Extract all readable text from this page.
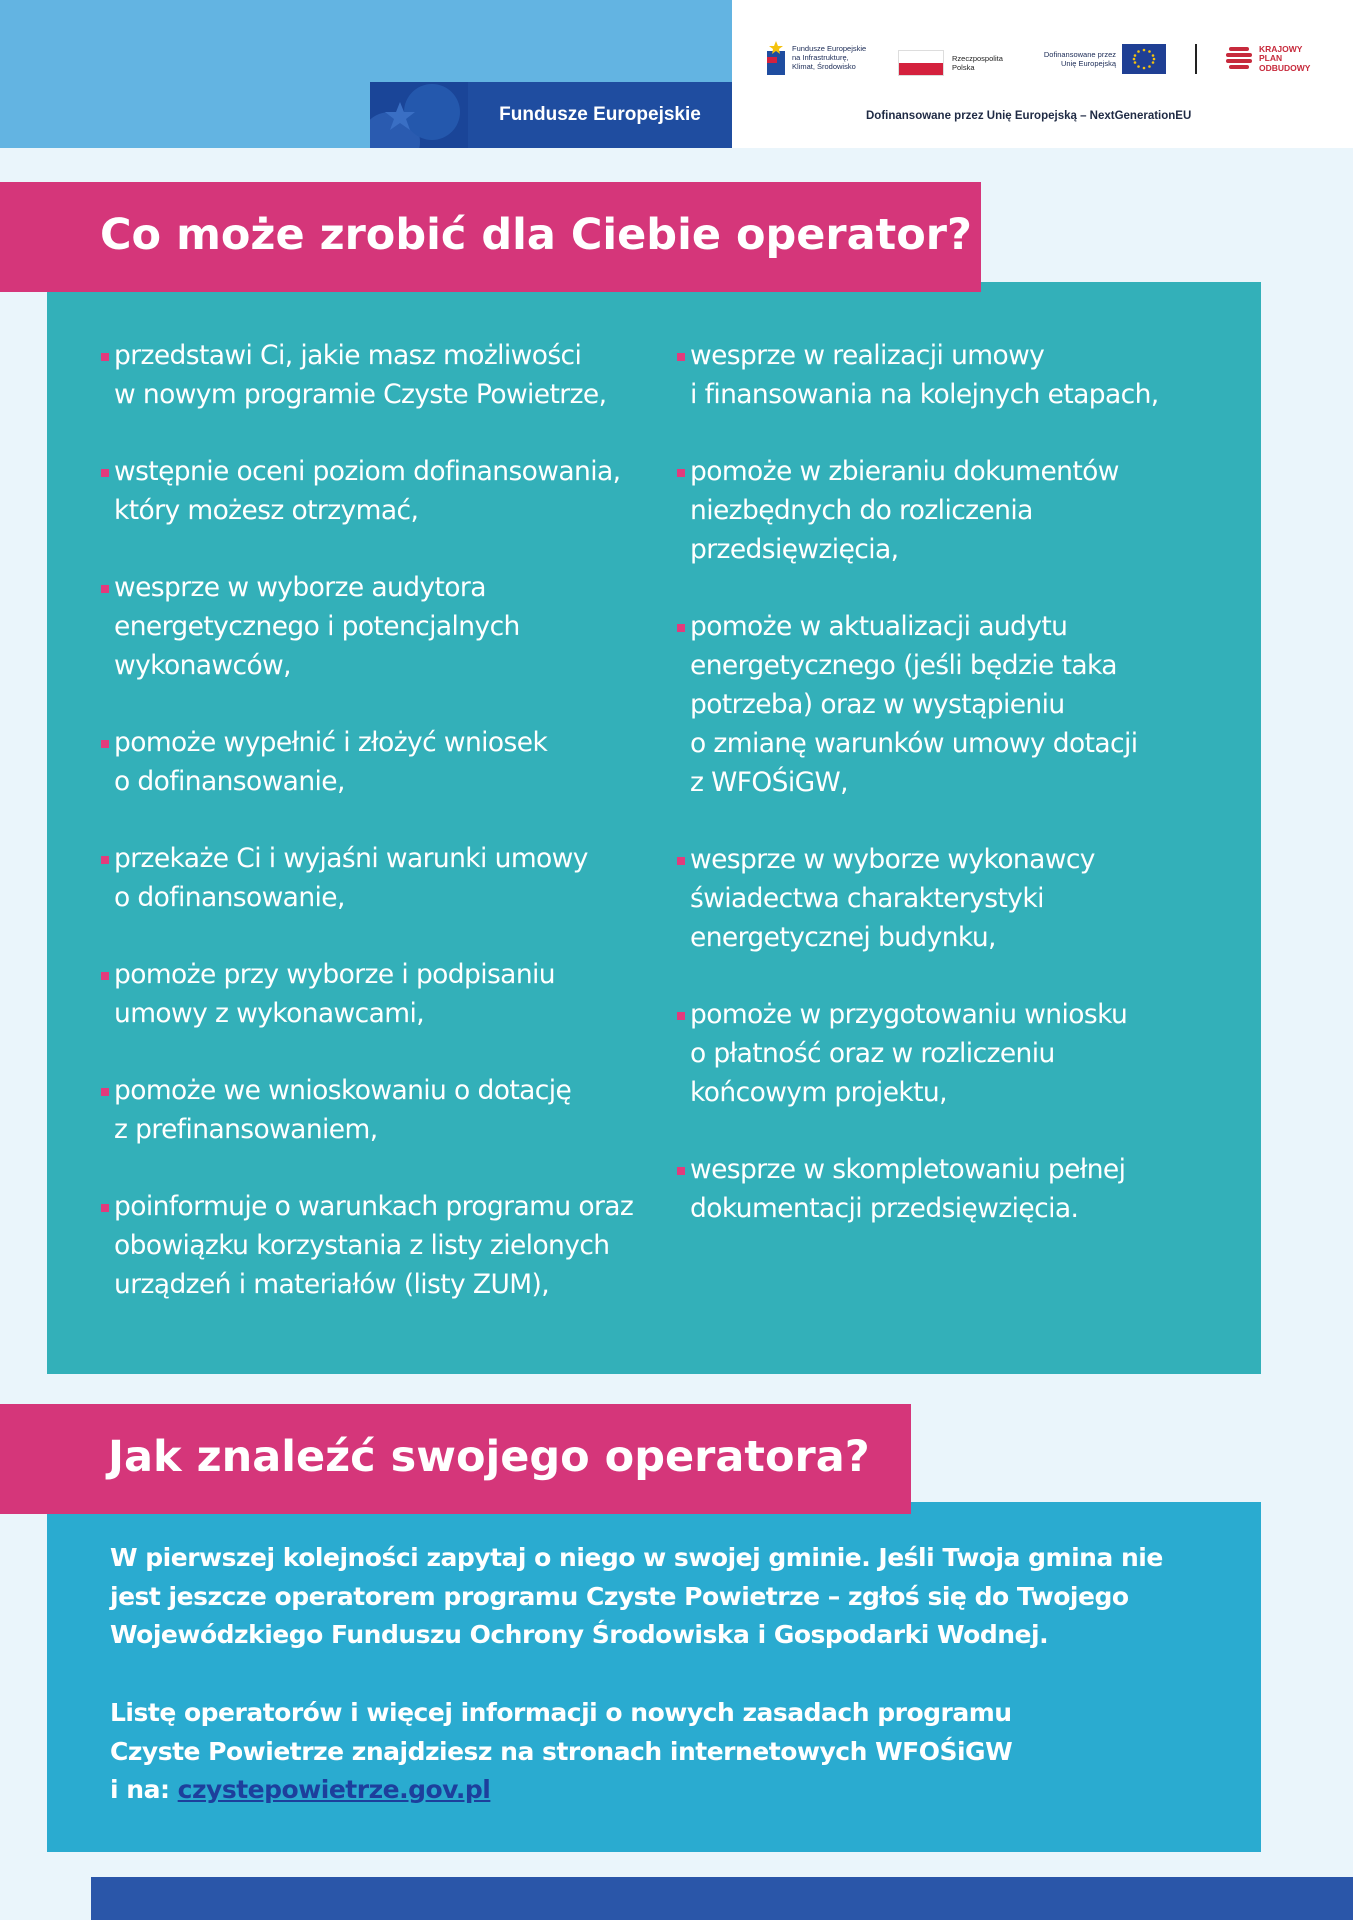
Fundusze Europejskie
Fundusze Europejskie
na Infrastrukturę,
Klimat, Środowisko
Rzeczpospolita
Polska
Dofinansowane przez
Unię Europejską
KRAJOWY
PLAN
ODBUDOWY
Dofinansowane przez Unię Europejską – NextGenerationEU
Co może zrobić dla Ciebie operator?
przedstawi Ci, jakie masz możliwości
w nowym programie Czyste Powietrze,
wstępnie oceni poziom dofinansowania,
który możesz otrzymać,
wesprze w wyborze audytora
energetycznego i potencjalnych
wykonawców,
pomoże wypełnić i złożyć wniosek
o dofinansowanie,
przekaże Ci i wyjaśni warunki umowy
o dofinansowanie,
pomoże przy wyborze i podpisaniu
umowy z wykonawcami,
pomoże we wnioskowaniu o dotację
z prefinansowaniem,
poinformuje o warunkach programu oraz
obowiązku korzystania z listy zielonych
urządzeń i materiałów (listy ZUM),
wesprze w realizacji umowy
i finansowania na kolejnych etapach,
pomoże w zbieraniu dokumentów
niezbędnych do rozliczenia
przedsięwzięcia,
pomoże w aktualizacji audytu
energetycznego (jeśli będzie taka
potrzeba) oraz w wystąpieniu
o zmianę warunków umowy dotacji
z WFOŚiGW,
wesprze w wyborze wykonawcy
świadectwa charakterystyki
energetycznej budynku,
pomoże w przygotowaniu wniosku
o płatność oraz w rozliczeniu
końcowym projektu,
wesprze w skompletowaniu pełnej
dokumentacji przedsięwzięcia.
Jak znaleźć swojego operatora?
W pierwszej kolejności zapytaj o niego w swojej gminie. Jeśli Twoja gmina nie
jest jeszcze operatorem programu Czyste Powietrze – zgłoś się do Twojego
Wojewódzkiego Funduszu Ochrony Środowiska i Gospodarki Wodnej.
Listę operatorów i więcej informacji o nowych zasadach programu
Czyste Powietrze znajdziesz na stronach internetowych WFOŚiGW
i na: czystepowietrze.gov.pl
